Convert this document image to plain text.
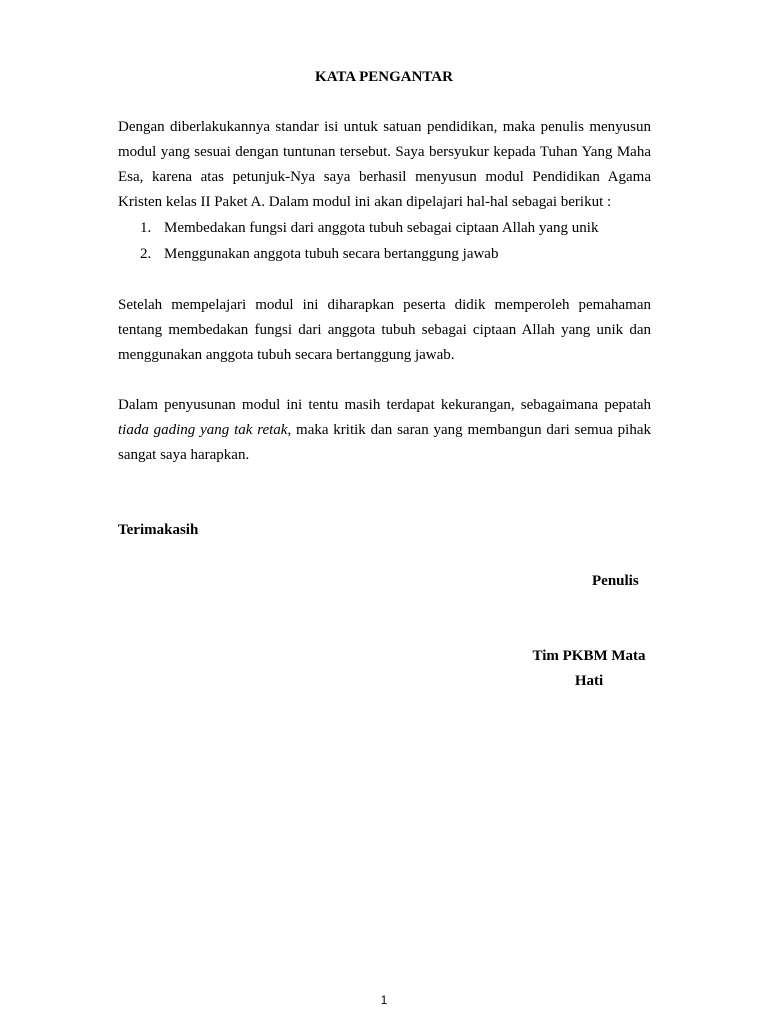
KATA PENGANTAR

Dengan diberlakukannya standar isi untuk satuan pendidikan, maka penulis menyusun modul yang sesuai dengan tuntunan tersebut. Saya bersyukur kepada Tuhan Yang Maha Esa, karena atas petunjuk-Nya saya berhasil menyusun modul Pendidikan Agama Kristen kelas II Paket A. Dalam modul ini akan dipelajari hal-hal sebagai berikut :

1. Membedakan fungsi dari anggota tubuh sebagai ciptaan Allah yang unik
2. Menggunakan anggota tubuh secara bertanggung jawab

Setelah mempelajari modul ini diharapkan peserta didik memperoleh pemahaman tentang membedakan fungsi dari anggota tubuh sebagai ciptaan Allah yang unik dan menggunakan anggota tubuh secara bertanggung jawab.

Dalam penyusunan modul ini tentu masih terdapat kekurangan, sebagaimana pepatah tiada gading yang tak retak, maka kritik dan saran yang membangun dari semua pihak sangat saya harapkan.

Terimakasih
Penulis
Tim PKBM Mata
Hati
1
